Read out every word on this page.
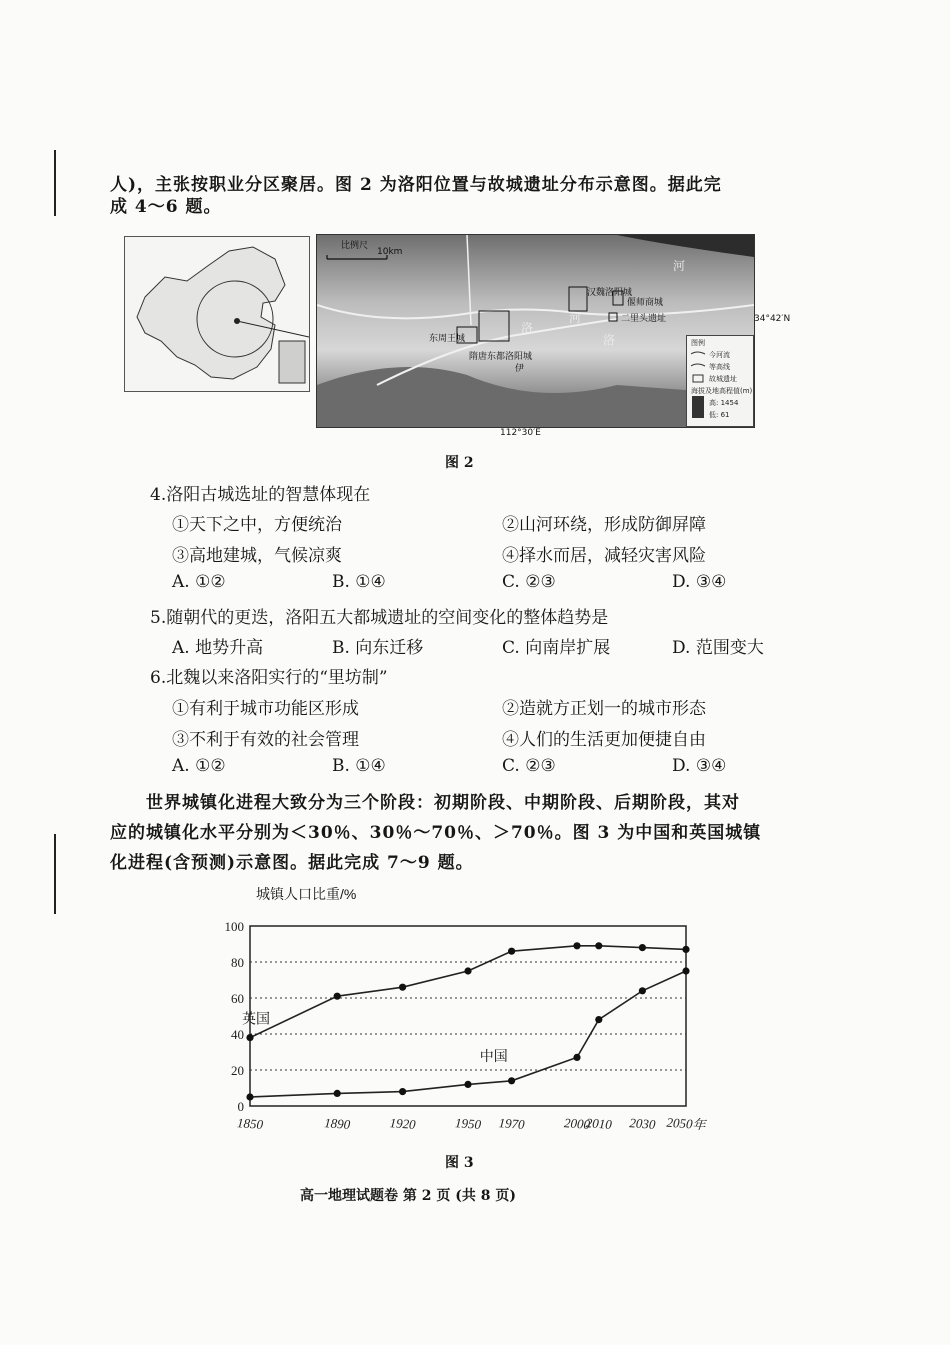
人)，主张按职业分区聚居。图 2 为洛阳位置与故城遗址分布示意图。据此完
成 4～6 题。
比例尺
10km
汉魏洛阳城
偃师商城
二里头遗址
东周王城
隋唐东都洛阳城
洛
河
伊
洛
河
图例
今河流
等高线
故城遗址
海拔及地高程值(m)
高: 1454
低: 61
34°42′N
112°30′E
图 2
4.洛阳古城选址的智慧体现在
①天下之中，方便统治	②山河环绕，形成防御屏障
③高地建城，气候凉爽	④择水而居，减轻灾害风险
A. ①②	B. ①④	C. ②③	D. ③④
5.随朝代的更迭，洛阳五大都城遗址的空间变化的整体趋势是
A. 地势升高	B. 向东迁移	C. 向南岸扩展	D. 范围变大
6.北魏以来洛阳实行的“里坊制”
①有利于城市功能区形成	②造就方正划一的城市形态
③不利于有效的社会管理	④人们的生活更加便捷自由
A. ①②	B. ①④	C. ②③	D. ③④
世界城镇化进程大致分为三个阶段：初期阶段、中期阶段、后期阶段，其对
应的城镇化水平分别为＜30％、30％～70％、＞70％。图 3 为中国和英国城镇
化进程(含预测)示意图。据此完成 7～9 题。
城镇人口比重/%
0
20
40
60
80
100
1850	1890	1920	1950 1970	2000
2010 2030 2050年
英国
中国
图 3
高一地理试题卷 第 2 页 (共 8 页)
